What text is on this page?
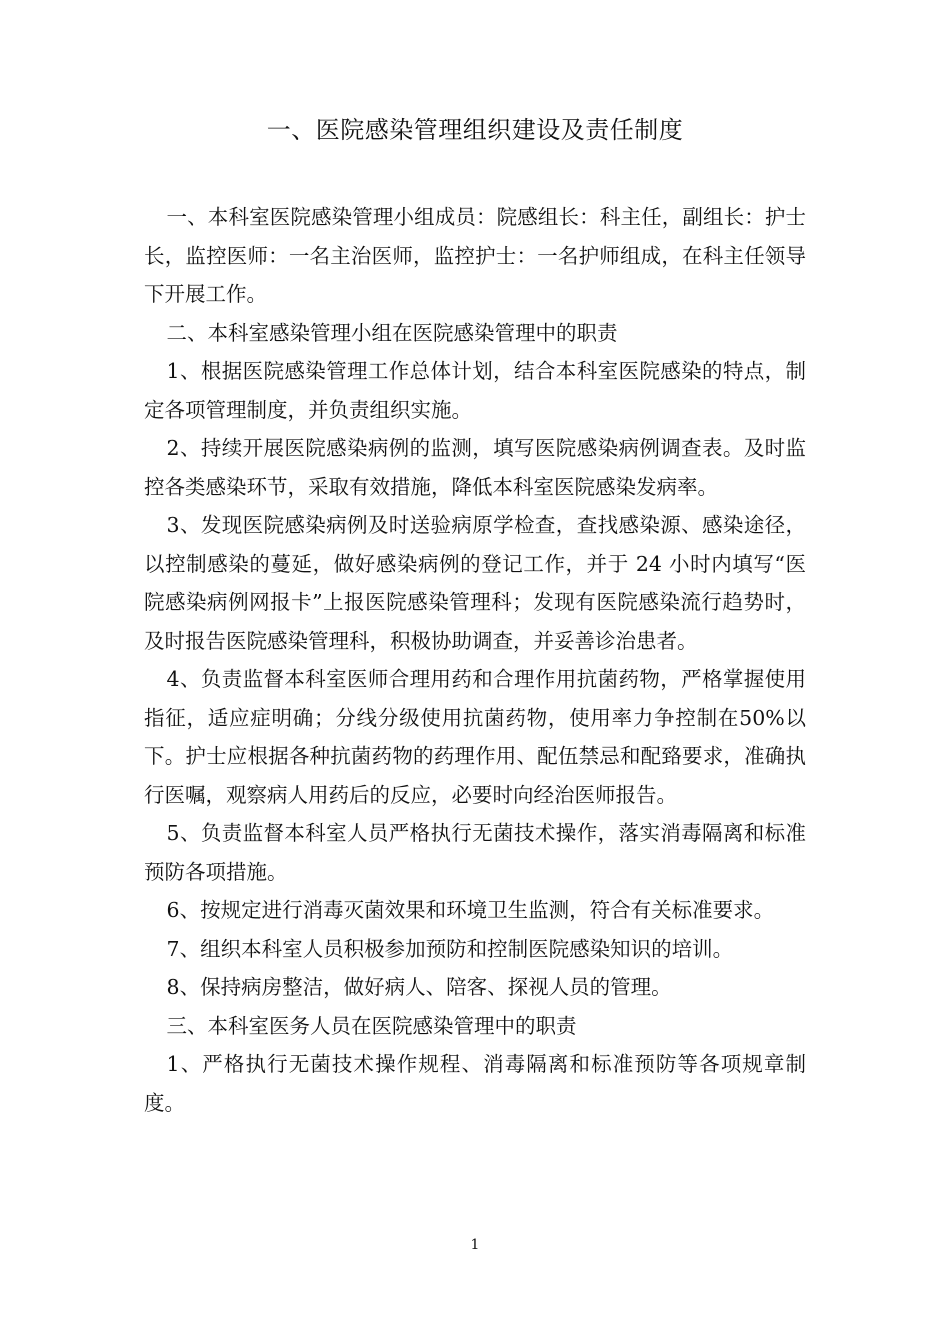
一、医院感染管理组织建设及责任制度

一、本科室医院感染管理小组成员：院感组长：科主任，副组长：护士长，监控医师：一名主治医师，监控护士：一名护师组成，在科主任领导下开展工作。

二、本科室感染管理小组在医院感染管理中的职责

1、根据医院感染管理工作总体计划，结合本科室医院感染的特点，制定各项管理制度，并负责组织实施。

2、持续开展医院感染病例的监测，填写医院感染病例调查表。及时监控各类感染环节，采取有效措施，降低本科室医院感染发病率。

3、发现医院感染病例及时送验病原学检查，查找感染源、感染途径，以控制感染的蔓延，做好感染病例的登记工作，并于 24 小时内填写“医院感染病例网报卡”上报医院感染管理科；发现有医院感染流行趋势时，及时报告医院感染管理科，积极协助调查，并妥善诊治患者。

4、负责监督本科室医师合理用药和合理作用抗菌药物，严格掌握使用指征，适应症明确；分线分级使用抗菌药物，使用率力争控制在50%以下。护士应根据各种抗菌药物的药理作用、配伍禁忌和配臵要求，准确执行医嘱，观察病人用药后的反应，必要时向经治医师报告。

5、负责监督本科室人员严格执行无菌技术操作，落实消毒隔离和标准预防各项措施。

6、按规定进行消毒灭菌效果和环境卫生监测，符合有关标准要求。

7、组织本科室人员积极参加预防和控制医院感染知识的培训。

8、保持病房整洁，做好病人、陪客、探视人员的管理。

三、本科室医务人员在医院感染管理中的职责

1、严格执行无菌技术操作规程、消毒隔离和标准预防等各项规章制度。

1
